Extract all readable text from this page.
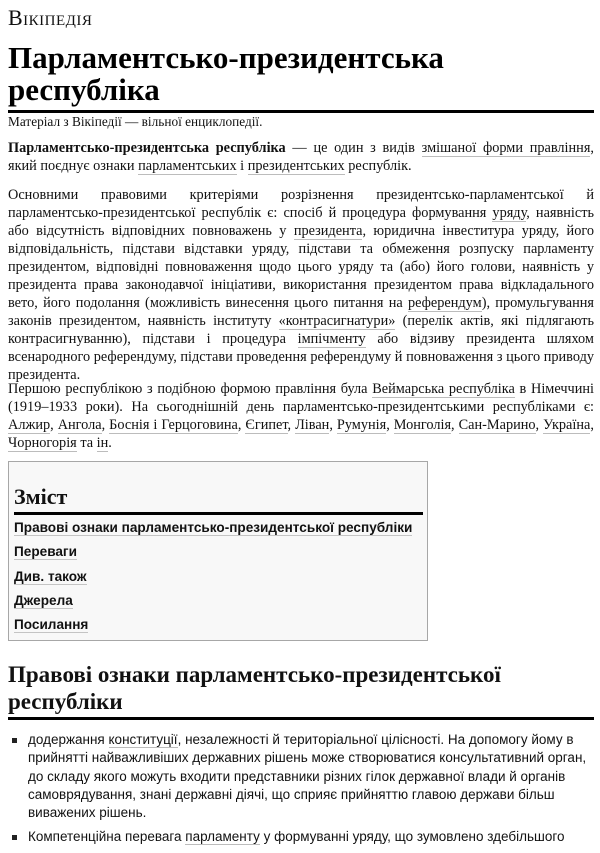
Вікіпедія
Парламентсько-президентська республіка
Матеріал з Вікіпедії — вільної енциклопедії.

Парламентсько-президентська республіка — це один з видів змішаної форми правління, який поєднує ознаки парламентських і президентських республік.

Основними правовими критеріями розрізнення президентсько-парламентської й парламентсько-президентської республік є: спосіб й процедура формування уряду, наявність або відсутність відповідних повноважень у президента, юридична інвеститура уряду, його відповідальність, підстави відставки уряду, підстави та обмеження розпуску парламенту президентом, відповідні повноваження щодо цього уряду та (або) його голови, наявність у президента права законодавчої ініціативи, використання президентом права відкладального вето, його подолання (можливість винесення цього питання на референдум), промульгування законів президентом, наявність інституту «контрасигнатури» (перелік актів, які підлягають контрасигнуванню), підстави і процедура імпічменту або відзиву президента шляхом всенародного референдуму, підстави проведення референдуму й повноваження з цього приводу президента.

Першою республікою з подібною формою правління була Веймарська республіка в Німеччині (1919–1933 роки). На сьогоднішній день парламентсько-президентськими республіками є: Алжир, Ангола, Боснія і Герцоговина, Єгипет, Ліван, Румунія, Монголія, Сан-Марино, Україна, Чорногорія та ін.

Зміст
Правові ознаки парламентсько-президентської республіки
Переваги
Див. також
Джерела
Посилання
Правові ознаки парламентсько-президентської республіки
додержання конституції, незалежності й територіальної цілісності. На допомогу йому в прийнятті найважливіших державних рішень може створюватися консультативний орган, до складу якого можуть входити представники різних гілок державної влади й органів самоврядування, знані державні діячі, що сприяє прийняттю главою держави більш виважених рішень.
Компетенційна перевага парламенту у формуванні уряду, що зумовлено здебільшого
